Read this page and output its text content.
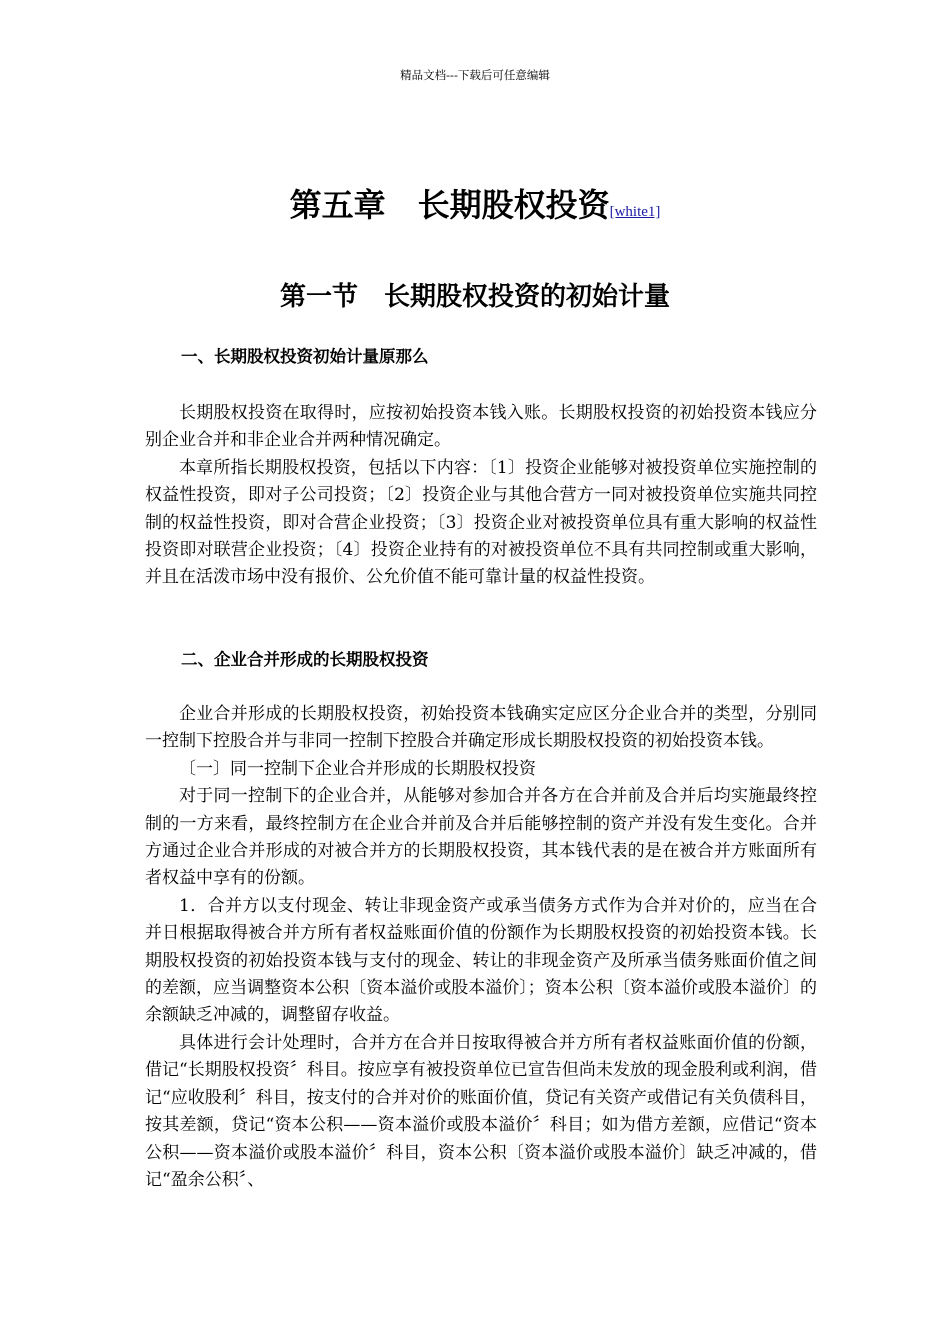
精品文档---下载后可任意编辑
第五章　长期股权投资[white1]
第一节　长期股权投资的初始计量
一、长期股权投资初始计量原那么

长期股权投资在取得时，应按初始投资本钱入账。长期股权投资的初始投资本钱应分别企业合并和非企业合并两种情况确定。

本章所指长期股权投资，包括以下内容：〔1〕投资企业能够对被投资单位实施控制的权益性投资，即对子公司投资；〔2〕投资企业与其他合营方一同对被投资单位实施共同控制的权益性投资，即对合营企业投资；〔3〕投资企业对被投资单位具有重大影响的权益性投资即对联营企业投资；〔4〕投资企业持有的对被投资单位不具有共同控制或重大影响，并且在活泼市场中没有报价、公允价值不能可靠计量的权益性投资。

二、企业合并形成的长期股权投资

企业合并形成的长期股权投资，初始投资本钱确实定应区分企业合并的类型，分别同一控制下控股合并与非同一控制下控股合并确定形成长期股权投资的初始投资本钱。

〔一〕同一控制下企业合并形成的长期股权投资

对于同一控制下的企业合并，从能够对参加合并各方在合并前及合并后均实施最终控制的一方来看，最终控制方在企业合并前及合并后能够控制的资产并没有发生变化。合并方通过企业合并形成的对被合并方的长期股权投资，其本钱代表的是在被合并方账面所有者权益中享有的份额。

1．合并方以支付现金、转让非现金资产或承当债务方式作为合并对价的，应当在合并日根据取得被合并方所有者权益账面价值的份额作为长期股权投资的初始投资本钱。长期股权投资的初始投资本钱与支付的现金、转让的非现金资产及所承当债务账面价值之间的差额，应当调整资本公积〔资本溢价或股本溢价〕；资本公积〔资本溢价或股本溢价〕的余额缺乏冲减的，调整留存收益。

具体进行会计处理时，合并方在合并日按取得被合并方所有者权益账面价值的份额，借记“长期股权投资〞科目。按应享有被投资单位已宣告但尚未发放的现金股利或利润，借记“应收股利〞科目，按支付的合并对价的账面价值，贷记有关资产或借记有关负债科目，按其差额，贷记“资本公积——资本溢价或股本溢价〞科目；如为借方差额，应借记“资本公积——资本溢价或股本溢价〞科目，资本公积〔资本溢价或股本溢价〕缺乏冲减的，借记“盈余公积〞、
